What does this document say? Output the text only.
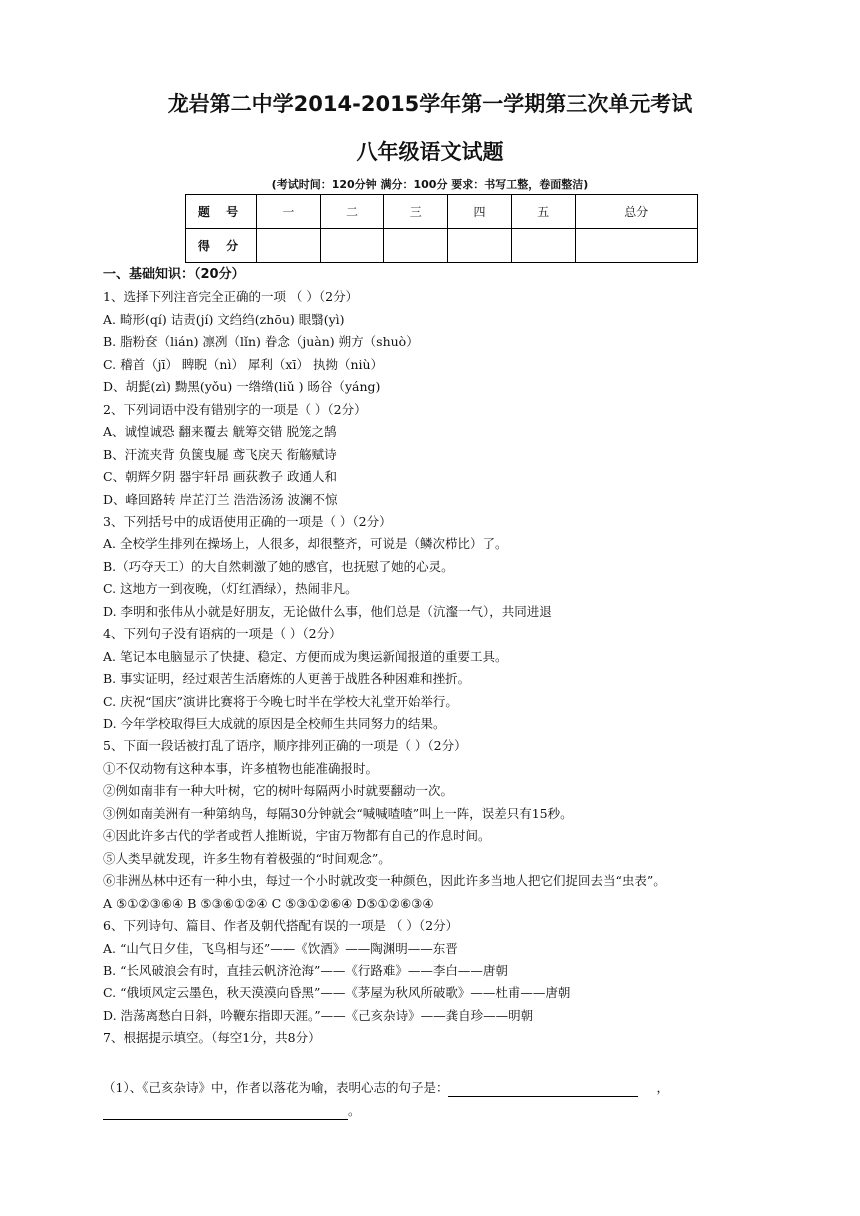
龙岩第二中学2014-2015学年第一学期第三次单元考试
八年级语文试题
(考试时间：120分钟 满分：100分 要求：书写工整，卷面整洁)
题 号	一	二	三	四	五	总分
得 分						
一、基础知识：（20分）
1、选择下列注音完全正确的一项 （ ）（2分）
A. 畸形(qí) 诘责(jí) 文绉绉(zhōu) 眼翳(yì)
B. 脂粉奁（lián) 凛冽（lǐn) 眷念（juàn) 朔方（shuò）
C. 稽首（jī） 睥睨（nì） 犀利（xī） 执拗（niù）
D、胡髭(zì) 黝黑(yǒu) 一绺绺(liǔ ) 旸谷（yáng)
2、下列词语中没有错别字的一项是（ ）（2分）
A、诚惶诚恐 翻来覆去 觥筹交错 脱笼之鹄
B、汗流夹背 负箧曳屣 鸢飞戾天 衔觞赋诗
C、朝辉夕阴 器宇轩昂 画荻教子 政通人和
D、峰回路转 岸芷汀兰 浩浩汤汤 波澜不惊
3、下列括号中的成语使用正确的一项是（ ）（2分）
A. 全校学生排列在操场上，人很多，却很整齐，可说是（鳞次栉比）了。
B.（巧夺天工）的大自然刺激了她的感官，也抚慰了她的心灵。
C. 这地方一到夜晚，（灯红酒绿），热闹非凡。
D. 李明和张伟从小就是好朋友，无论做什么事，他们总是（沆瀣一气），共同进退
4、下列句子没有语病的一项是（ ）（2分）
A. 笔记本电脑显示了快捷、稳定、方便而成为奥运新闻报道的重要工具。
B. 事实证明，经过艰苦生活磨炼的人更善于战胜各种困难和挫折。
C. 庆祝“国庆”演讲比赛将于今晚七时半在学校大礼堂开始举行。
D. 今年学校取得巨大成就的原因是全校师生共同努力的结果。
5、下面一段话被打乱了语序，顺序排列正确的一项是（ ）（2分）
①不仅动物有这种本事，许多植物也能准确报时。
②例如南非有一种大叶树，它的树叶每隔两小时就要翻动一次。
③例如南美洲有一种第纳鸟，每隔30分钟就会“喊喊喳喳”叫上一阵，误差只有15秒。
④因此许多古代的学者或哲人推断说，宇宙万物都有自己的作息时间。
⑤人类早就发现，许多生物有着极强的“时间观念”。
⑥非洲丛林中还有一种小虫，每过一个小时就改变一种颜色，因此许多当地人把它们捉回去当“虫表”。
A ⑤①②③⑥④ B ⑤③⑥①②④ C ⑤③①②⑥④ D⑤①②⑥③④
6、下列诗句、篇目、作者及朝代搭配有误的一项是 （ ）（2分）
A. “山气日夕佳，飞鸟相与还”——《饮酒》——陶渊明——东晋
B. “长风破浪会有时，直挂云帆济沧海”——《行路难》——李白——唐朝
C. “俄顷风定云墨色，秋天漠漠向昏黑”——《茅屋为秋风所破歌》——杜甫——唐朝
D. 浩荡离愁白日斜，吟鞭东指即天涯。”——《己亥杂诗》——龚自珍——明朝
7、根据提示填空。（每空1分，共8分）
（1）、《己亥杂诗》中，作者以落花为喻，表明心志的句子是：	，
。
